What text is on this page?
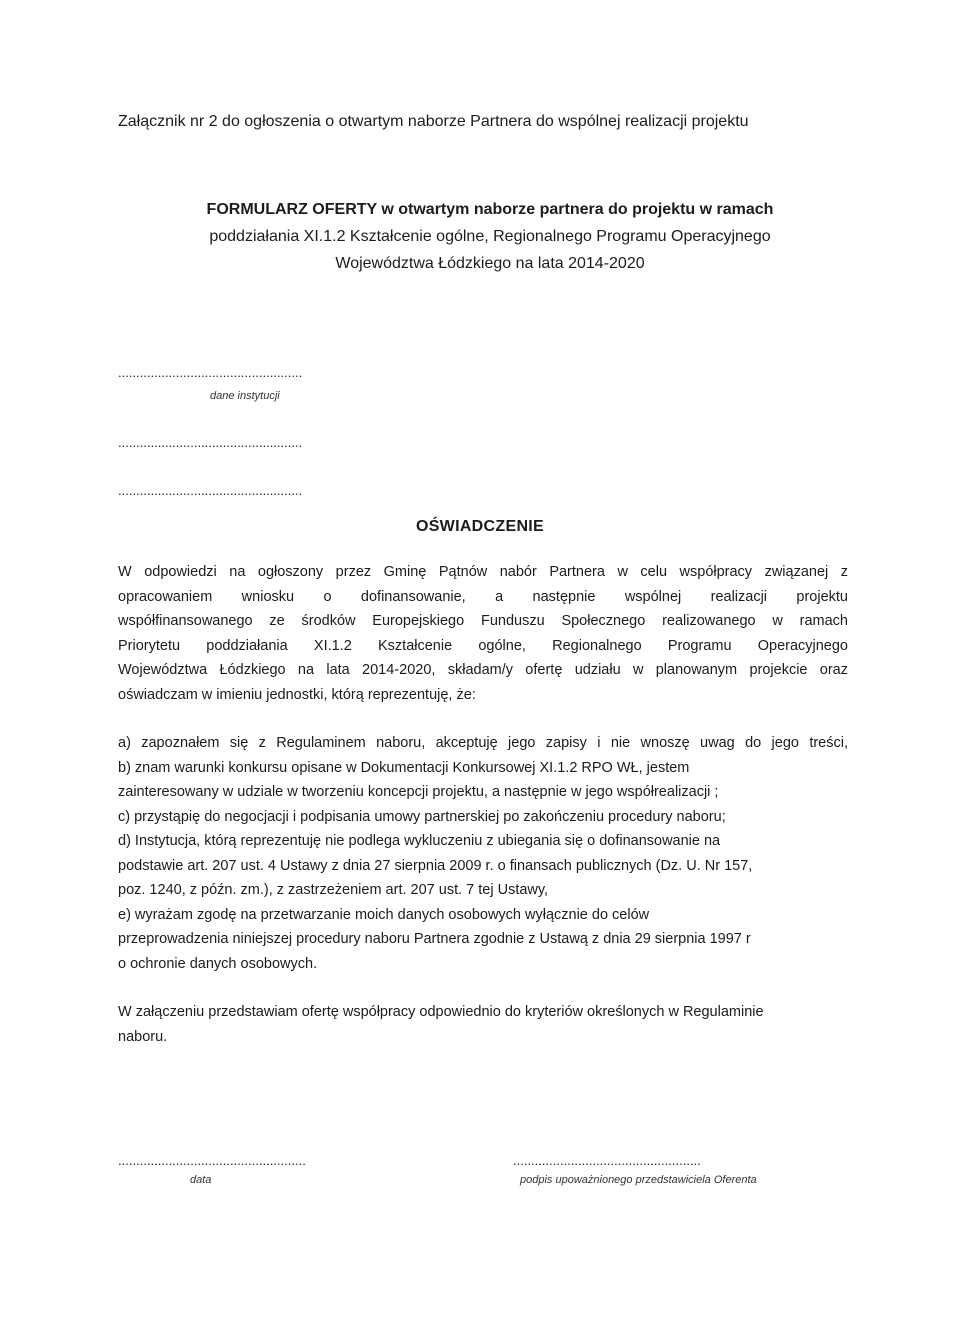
Załącznik nr 2 do ogłoszenia o otwartym naborze Partnera do wspólnej realizacji projektu
FORMULARZ OFERTY w otwartym naborze partnera do projektu w ramach
poddziałania XI.1.2 Kształcenie ogólne, Regionalnego Programu Operacyjnego
Województwa Łódzkiego na lata 2014-2020
...................................................
dane instytucji
...................................................
...................................................
OŚWIADCZENIE
W odpowiedzi na ogłoszony przez Gminę Pątnów nabór Partnera w celu współpracy związanej z
opracowaniem wniosku o dofinansowanie, a następnie wspólnej realizacji projektu
współfinansowanego ze środków Europejskiego Funduszu Społecznego realizowanego w ramach
Priorytetu poddziałania XI.1.2 Kształcenie ogólne, Regionalnego Programu Operacyjnego
Województwa Łódzkiego na lata 2014-2020, składam/y ofertę udziału w planowanym projekcie oraz
oświadczam w imieniu jednostki, którą reprezentuję, że:
a) zapoznałem się z Regulaminem naboru, akceptuję jego zapisy i nie wnoszę uwag do jego treści,
b) znam warunki konkursu opisane w Dokumentacji Konkursowej XI.1.2 RPO WŁ, jestem
zainteresowany w udziale w tworzeniu koncepcji projektu, a następnie w jego współrealizacji ;
c) przystąpię do negocjacji i podpisania umowy partnerskiej po zakończeniu procedury naboru;
d) Instytucja, którą reprezentuję nie podlega wykluczeniu z ubiegania się o dofinansowanie na
podstawie art. 207 ust. 4 Ustawy z dnia 27 sierpnia 2009 r. o finansach publicznych (Dz. U. Nr 157,
poz. 1240, z późn. zm.), z zastrzeżeniem art. 207 ust. 7 tej Ustawy,
e) wyrażam zgodę na przetwarzanie moich danych osobowych wyłącznie do celów
przeprowadzenia niniejszej procedury naboru Partnera zgodnie z Ustawą z dnia 29 sierpnia 1997 r
o ochronie danych osobowych.
W załączeniu przedstawiam ofertę współpracy odpowiednio do kryteriów określonych w Regulaminie
naboru.
....................................................	....................................................
data	podpis upoważnionego przedstawiciela Oferenta
